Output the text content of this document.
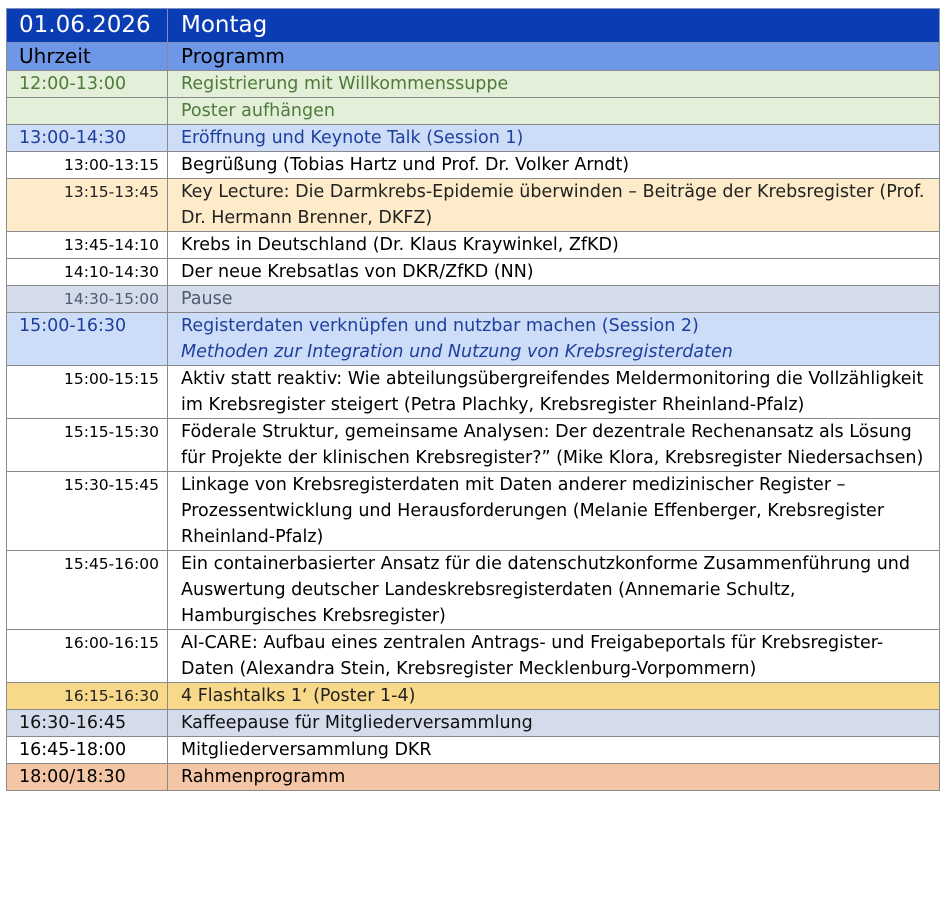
01.06.2026	Montag
Uhrzeit	Programm
12:00-13:00	Registrierung mit Willkommenssuppe
	Poster aufhängen
13:00-14:30	Eröffnung und Keynote Talk (Session 1)
13:00-13:15	Begrüßung (Tobias Hartz und Prof. Dr. Volker Arndt)
13:15-13:45	Key Lecture: Die Darmkrebs-Epidemie überwinden – Beiträge der Krebsregister (Prof. Dr. Hermann Brenner, DKFZ)
13:45-14:10	Krebs in Deutschland (Dr. Klaus Kraywinkel, ZfKD)
14:10-14:30	Der neue Krebsatlas von DKR/ZfKD (NN)
14:30-15:00	Pause
15:00-16:30	Registerdaten verknüpfen und nutzbar machen (Session 2)
Methoden zur Integration und Nutzung von Krebsregisterdaten

15:00-15:15	Aktiv statt reaktiv: Wie abteilungsübergreifendes Meldermonitoring die Vollzähligkeit im Krebsregister steigert (Petra Plachky, Krebsregister Rheinland-Pfalz)
15:15-15:30	Föderale Struktur, gemeinsame Analysen: Der dezentrale Rechenansatz als Lösung für Projekte der klinischen Krebsregister?” (Mike Klora, Krebsregister Niedersachsen)
15:30-15:45	Linkage von Krebsregisterdaten mit Daten anderer medizinischer Register – Prozessentwicklung und Herausforderungen (Melanie Effenberger, Krebsregister Rheinland-Pfalz)
15:45-16:00	Ein containerbasierter Ansatz für die datenschutzkonforme Zusammenführung und Auswertung deutscher Landeskrebsregisterdaten (Annemarie Schultz, Hamburgisches Krebsregister)
16:00-16:15	AI-CARE: Aufbau eines zentralen Antrags- und Freigabeportals für Krebsregister-Daten (Alexandra Stein, Krebsregister Mecklenburg-Vorpommern)
16:15-16:30	4 Flashtalks 1‘ (Poster 1-4)
16:30-16:45	Kaffeepause für Mitgliederversammlung
16:45-18:00	Mitgliederversammlung DKR
18:00/18:30	Rahmenprogramm
